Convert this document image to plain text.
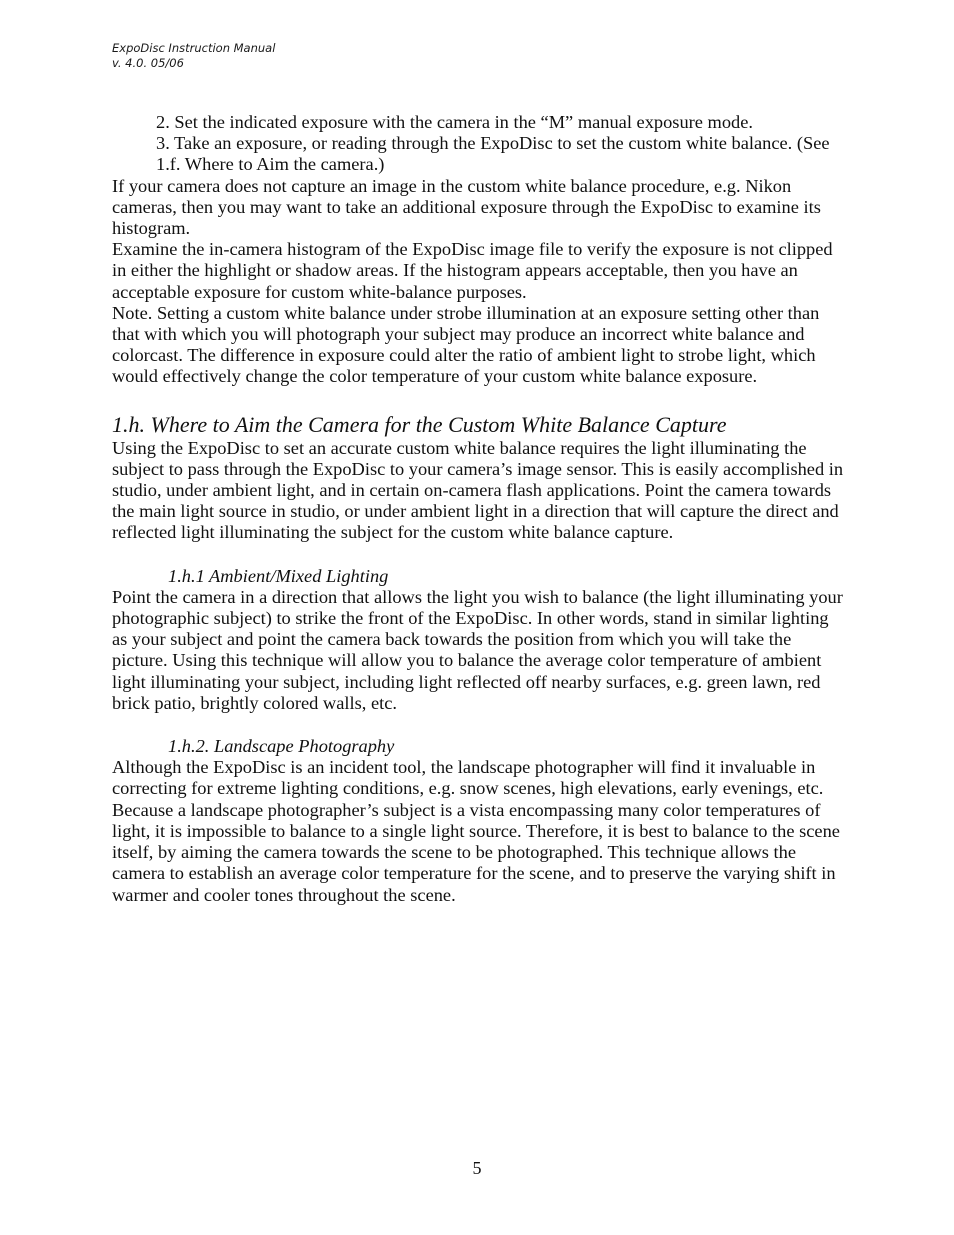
ExpoDisc Instruction Manual
v. 4.0. 05/06

2. Set the indicated exposure with the camera in the “M” manual exposure mode.

3. Take an exposure, or reading through the ExpoDisc to set the custom white balance. (See 1.f. Where to Aim the camera.)

If your camera does not capture an image in the custom white balance procedure, e.g. Nikon cameras, then you may want to take an additional exposure through the ExpoDisc to examine its histogram.

Examine the in-camera histogram of the ExpoDisc image file to verify the exposure is not clipped in either the highlight or shadow areas. If the histogram appears acceptable, then you have an acceptable exposure for custom white-balance purposes.

Note. Setting a custom white balance under strobe illumination at an exposure setting other than that with which you will photograph your subject may produce an incorrect white balance and colorcast. The difference in exposure could alter the ratio of ambient light to strobe light, which would effectively change the color temperature of your custom white balance exposure.

1.h. Where to Aim the Camera for the Custom White Balance Capture

Using the ExpoDisc to set an accurate custom white balance requires the light illuminating the subject to pass through the ExpoDisc to your camera’s image sensor. This is easily accomplished in studio, under ambient light, and in certain on-camera flash applications. Point the camera towards the main light source in studio, or under ambient light in a direction that will capture the direct and reflected light illuminating the subject for the custom white balance capture.

1.h.1 Ambient/Mixed Lighting

Point the camera in a direction that allows the light you wish to balance (the light illuminating your photographic subject) to strike the front of the ExpoDisc. In other words, stand in similar lighting as your subject and point the camera back towards the position from which you will take the picture. Using this technique will allow you to balance the average color temperature of ambient light illuminating your subject, including light reflected off nearby surfaces, e.g. green lawn, red brick patio, brightly colored walls, etc.

1.h.2. Landscape Photography

Although the ExpoDisc is an incident tool, the landscape photographer will find it invaluable in correcting for extreme lighting conditions, e.g. snow scenes, high elevations, early evenings, etc. Because a landscape photographer’s subject is a vista encompassing many color temperatures of light, it is impossible to balance to a single light source. Therefore, it is best to balance to the scene itself, by aiming the camera towards the scene to be photographed. This technique allows the camera to establish an average color temperature for the scene, and to preserve the varying shift in warmer and cooler tones throughout the scene.

5
